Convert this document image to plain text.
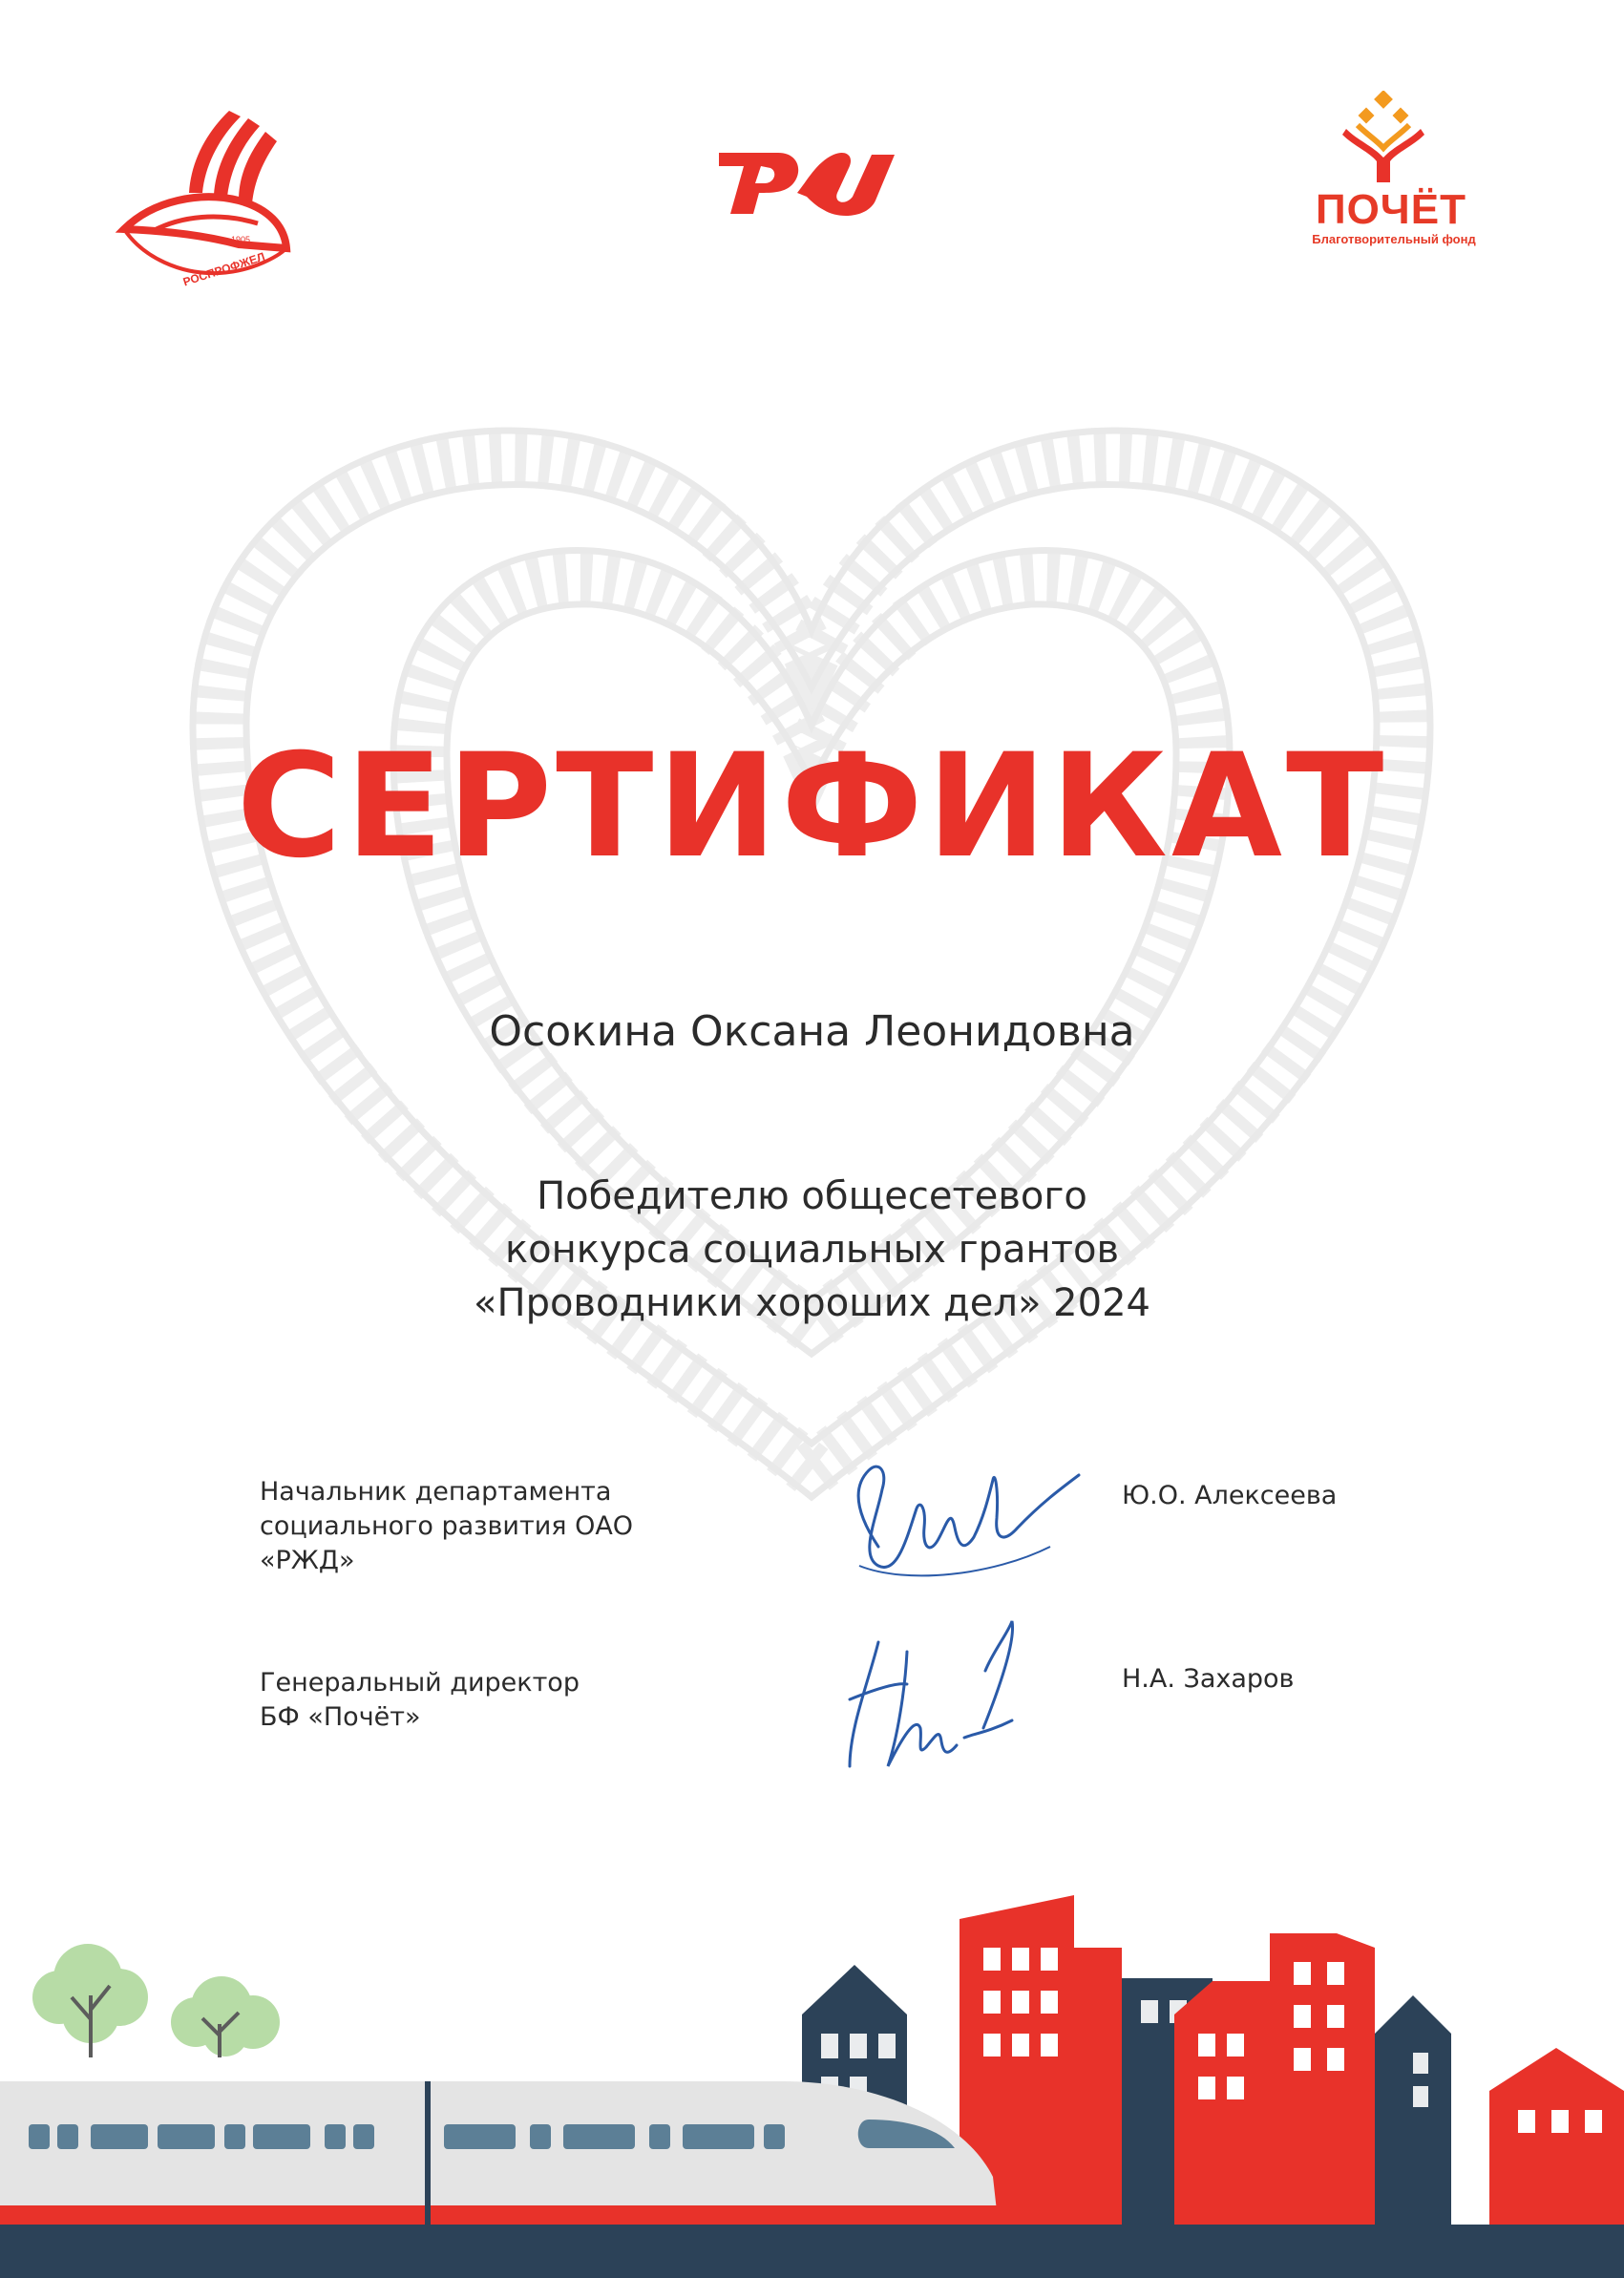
1905
РОСПРОФЖЕЛ
ПОЧЁТ
Благотворительный фонд
СЕРТИФИКАТ
Осокина Оксана Леонидовна
Победителю общесетевого
конкурса социальных грантов
«Проводники хороших дел» 2024
Начальник департамента
социального развития ОАО
«РЖД»
Ю.О. Алексеева
Генеральный директор
БФ «Почёт»
Н.А. Захаров
